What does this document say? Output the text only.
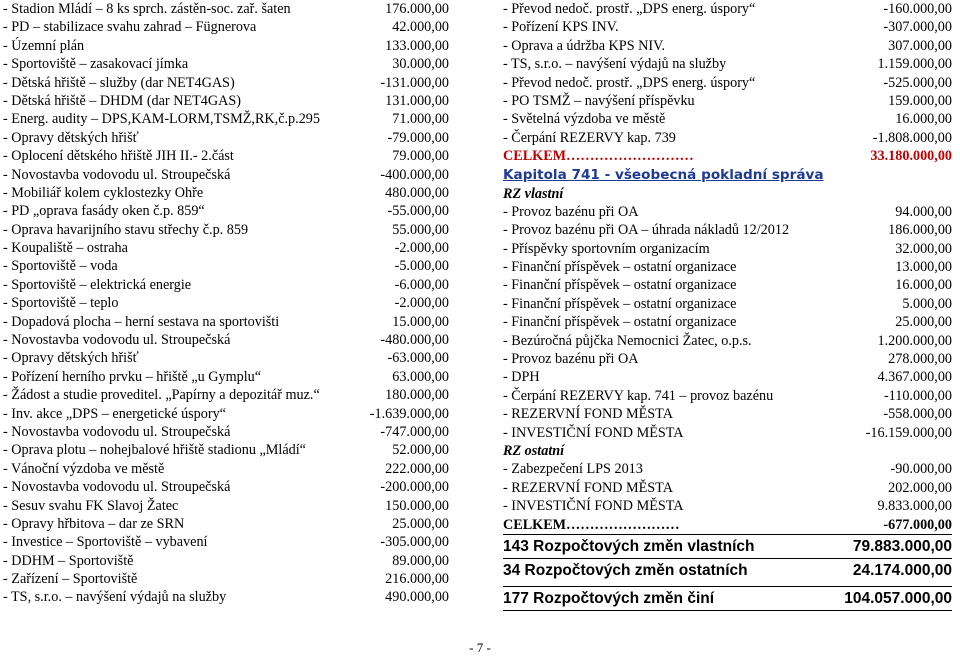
- Stadion Mládí – 8 ks sprch. zástěn-soc. zař. šaten	176.000,00
- PD – stabilizace svahu zahrad – Fügnerova	42.000,00
- Územní plán	133.000,00
- Sportoviště – zasakovací jímka	30.000,00
- Dětská hřiště – služby (dar NET4GAS)	-131.000,00
- Dětská hřiště – DHDM (dar NET4GAS)	131.000,00
- Energ. audity – DPS,KAM-LORM,TSMŽ,RK,č.p.295	71.000,00
- Opravy dětských hřišť	-79.000,00
- Oplocení dětského hřiště JIH II.- 2.část	79.000,00
- Novostavba vodovodu ul. Stroupečská	-400.000,00
- Mobiliář kolem cyklostezky Ohře	480.000,00
- PD „oprava fasády oken č.p. 859“	-55.000,00
- Oprava havarijního stavu střechy č.p. 859	55.000,00
- Koupaliště – ostraha	-2.000,00
- Sportoviště – voda	-5.000,00
- Sportoviště – elektrická energie	-6.000,00
- Sportoviště – teplo	-2.000,00
- Dopadová plocha – herní sestava na sportovišti	15.000,00
- Novostavba vodovodu ul. Stroupečská	-480.000,00
- Opravy dětských hřišť	-63.000,00
- Pořízení herního prvku – hřiště „u Gymplu“	63.000,00
- Žádost a studie proveditel. „Papírny a depozitář muz.“	180.000,00
- Inv. akce „DPS – energetické úspory“	-1.639.000,00
- Novostavba vodovodu ul. Stroupečská	-747.000,00
- Oprava plotu – nohejbalové hřiště stadionu „Mládí“	52.000,00
- Vánoční výzdoba ve městě	222.000,00
- Novostavba vodovodu ul. Stroupečská	-200.000,00
- Sesuv svahu FK Slavoj Žatec	150.000,00
- Opravy hřbitova – dar ze SRN	25.000,00
- Investice – Sportoviště – vybavení	-305.000,00
- DDHM – Sportoviště	89.000,00
- Zařízení – Sportoviště	216.000,00
- TS, s.r.o. – navýšení výdajů na služby	490.000,00
- Převod nedoč. prostř. „DPS energ. úspory“	-160.000,00
- Pořízení KPS INV.	-307.000,00
- Oprava a údržba KPS NIV.	307.000,00
- TS, s.r.o. – navýšení výdajů na služby	1.159.000,00
- Převod nedoč. prostř. „DPS energ. úspory“	-525.000,00
- PO TSMŽ – navýšení příspěvku	159.000,00
- Světelná výzdoba ve městě	16.000,00
- Čerpání REZERVY kap. 739	-1.808.000,00
CELKEM………………………	33.180.000,00
Kapitola 741 - všeobecná pokladní správa
RZ vlastní
- Provoz bazénu při OA	94.000,00
- Provoz bazénu při OA – úhrada nákladů 12/2012	186.000,00
- Příspěvky sportovním organizacím	32.000,00
- Finanční příspěvek – ostatní organizace	13.000,00
- Finanční příspěvek – ostatní organizace	16.000,00
- Finanční příspěvek – ostatní organizace	5.000,00
- Finanční příspěvek – ostatní organizace	25.000,00
- Bezúročná půjčka Nemocnici Žatec, o.p.s.	1.200.000,00
- Provoz bazénu při OA	278.000,00
- DPH	4.367.000,00
- Čerpání REZERVY kap. 741 – provoz bazénu	-110.000,00
- REZERVNÍ FOND MĚSTA	-558.000,00
- INVESTIČNÍ FOND MĚSTA	-16.159.000,00
RZ ostatní
- Zabezpečení LPS 2013	-90.000,00
- REZERVNÍ FOND MĚSTA	202.000,00
- INVESTIČNÍ FOND MĚSTA	9.833.000,00
CELKEM……………………	-677.000,00
143 Rozpočtových změn vlastních	79.883.000,00
34 Rozpočtových změn ostatních	24.174.000,00
177 Rozpočtových změn činí	104.057.000,00
- 7 -
